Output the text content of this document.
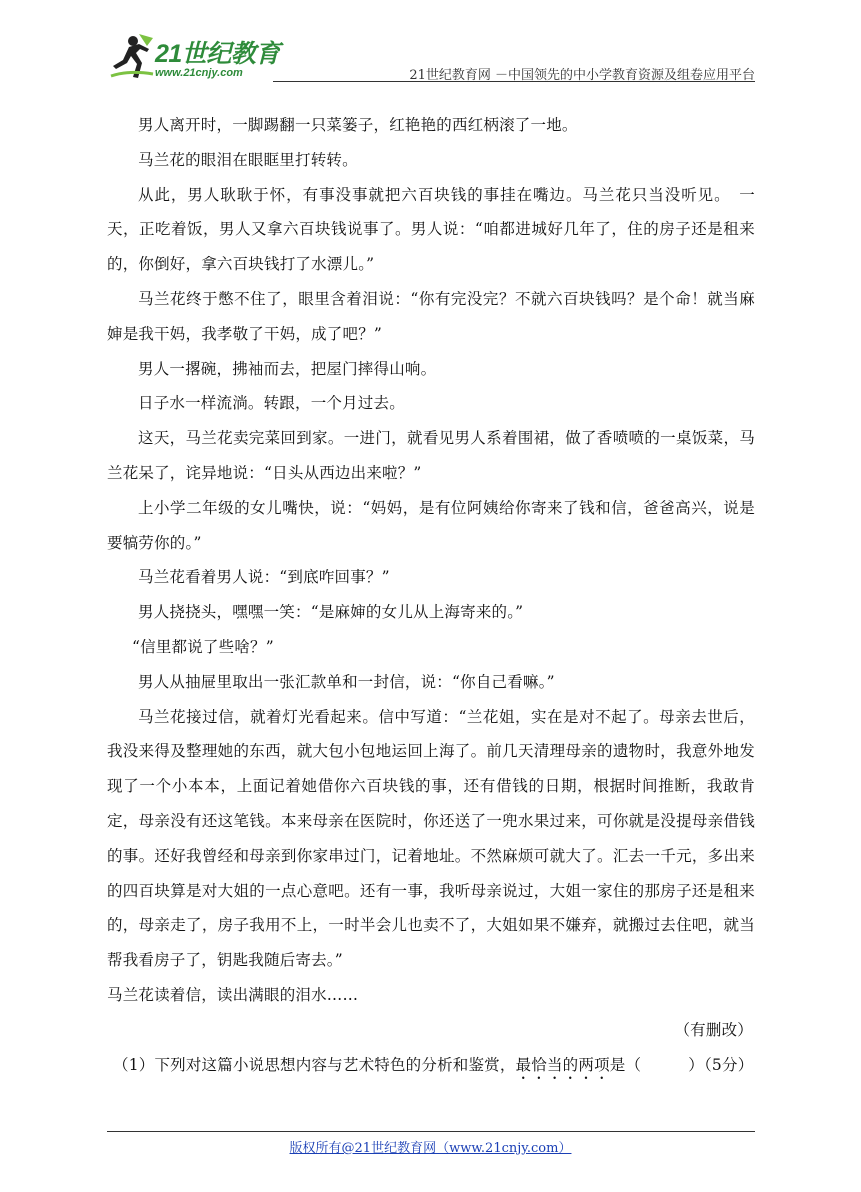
21世纪教育
www.21cnjy.com	21世纪教育网 －中国领先的中小学教育资源及组卷应用平台

男人离开时，一脚踢翻一只菜篓子，红艳艳的西红柄滚了一地。

马兰花的眼泪在眼眶里打转转。

从此，男人耿耿于怀，有事没事就把六百块钱的事挂在嘴边。马兰花只当没听见。　一天，正吃着饭，男人又拿六百块钱说事了。男人说：“咱都进城好几年了，住的房子还是租来的，你倒好，拿六百块钱打了水漂儿。”

马兰花终于憋不住了，眼里含着泪说：“你有完没完？不就六百块钱吗？是个命！就当麻婶是我干妈，我孝敬了干妈，成了吧？”

男人一撂碗，拂袖而去，把屋门摔得山响。

日子水一样流淌。转跟，一个月过去。

这天，马兰花卖完菜回到家。一进门，就看见男人系着围裙，做了香喷喷的一桌饭菜，马兰花呆了，诧异地说：“日头从西边出来啦？”

上小学二年级的女儿嘴快，说：“妈妈，是有位阿姨给你寄来了钱和信，爸爸高兴，说是要犒劳你的。”

马兰花看着男人说：“到底咋回事？”

男人挠挠头，嘿嘿一笑：“是麻婶的女儿从上海寄来的。”

“信里都说了些啥？”

男人从抽屉里取出一张汇款单和一封信，说：“你自己看嘛。”

马兰花接过信，就着灯光看起来。信中写道：“兰花姐，实在是对不起了。母亲去世后，我没来得及整理她的东西，就大包小包地运回上海了。前几天清理母亲的遗物时，我意外地发现了一个小本本，上面记着她借你六百块钱的事，还有借钱的日期，根据时间推断，我敢肯定，母亲没有还这笔钱。本来母亲在医院时，你还送了一兜水果过来，可你就是没提母亲借钱的事。还好我曾经和母亲到你家串过门，记着地址。不然麻烦可就大了。汇去一千元，多出来的四百块算是对大姐的一点心意吧。还有一事，我听母亲说过，大姐一家住的那房子还是租来的，母亲走了，房子我用不上，一时半会儿也卖不了，大姐如果不嫌弃，就搬过去住吧，就当帮我看房子了，钥匙我随后寄去。”

马兰花读着信，读出满眼的泪水……

（有删改）

（1）下列对这篇小说思想内容与艺术特色的分析和鉴赏，最恰当的两项是（　　　）（5分）

版权所有@21世纪教育网（www.21cnjy.com）
